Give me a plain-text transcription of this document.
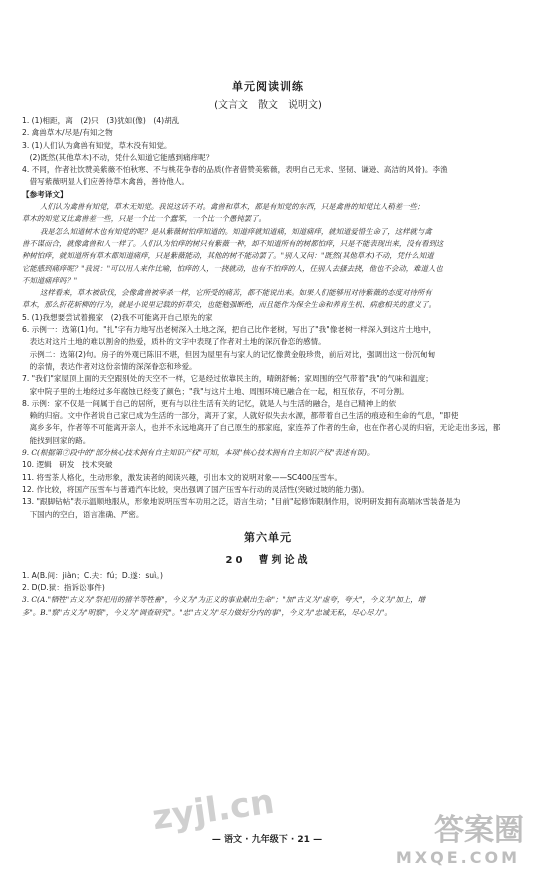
单元阅读训练
(文言文　散文　说明文)
1. (1)相距，离　(2)只　(3)犹如(像)　(4)胡乱
2. 禽兽草木/尽是/有知之物
3. (1)人们认为禽兽有知觉，草木没有知觉。
　(2)既然(其他草木)不动，凭什么知道它能感到痛痒呢？
4. 不同，作者社饮赞美紫薇不怕秋寒、不与桃花争春的品质(作者借赞美紫薇，表明自己无求、坚韧、谦逊、高洁的风骨)。李渔
　借写紫薇明显人们应善待草木禽兽，善待他人。
【参考译文】
人们认为禽兽有知觉，草木无知觉。我说这话不对。禽兽和草木，都是有知觉的东西，只是禽兽的知觉比人稍差一些；
草木的知觉又比禽兽差一些，只是一个比一个蠢笨，一个比一个愚钝罢了。
我是怎么知道树木也有知觉的呢？是从紫薇树怕痒知道的。知道痒就知道痛，知道痛痒，就知道爱惜生命了，这样就与禽
兽不谋而合，就像禽兽和人一样了。人们认为怕痒的树只有紫薇一种，却不知道所有的树都怕痒，只是不能表现出来，没有看到这
种树怕痒，就知道所有草木都知道痛痒，只是紫薇能动，其他的树不能动罢了。"别人又问："既然(其他草木)不动，凭什么知道
它能感到痛痒呢？"我说："可以用人来作比喻，怕痒的人，一挠就动，也有不怕痒的人，任别人去搔去挠，他也不会动，难道人也
不知道痛痒吗？"
这样看来，草木被砍伐，会像禽兽被宰杀一样，它所受的痛苦，都不能说出来。如果人们能够用对待紫薇的态度对待所有
草木，那么折花斩柳的行为，就是小说里记载的折草尖，也能勉强断绝，而且能作为保全生命和养育生机、病愈相关的意义了。
5. (1)我想要尝试着搬家　(2)我不可能离开自己原先的家
6. 示例一：选第(1)句。"扎"字有力地写出老树深入土地之深，把自己比作老树，写出了"我"像老树一样深入到这片土地中，
　表达对这片土地的难以割舍的热爱，质朴的文字中表现了作者对土地的深沉眷恋的感情。
　示例二：选第(2)句。房子的外观已陈旧不堪，但因为屋里有与家人的记忆像黄金般珍贵，前后对比，强调出这一份沉甸甸
　的亲情，表达作者对这份亲情的深深眷恋和珍爱。
7. "我们"家屋顶上面的天空跟别处的天空不一样，它是经过依靠民主的，晴朗舒畅；家周围的空气带着"我"的气味和温度；
　家中院子里的土地经过多年腐蚀已经变了颜色；"我"与这片土地、周围环境已融合在一起，相互依存，不可分割。
8. 示例：家不仅是一间属于自己的居所，更有与以往生活有关的记忆，就是人与生活的融合，是自己精神上的依
　赖的归宿。文中作者说自己家已成为生活的一部分，离开了家，人就好似失去水源，都带着自己生活的痕迹和生命的气息，"即使
　离乡多年，作者等不可能离开亲人，也并不永远地离开了自己原生的那家庭，家连养了作者的生命，也在作者心灵的归宿，无论走出多远，都
　能找到回家的路。
9. C(根据第⑦段中的"部分核心技术拥有自主知识产权"可知，本项"核心技术拥有自主知识产权"表述有误)。
10. 逻辑　研发　技术突破
11. 将雪茶人格化，生动形象，激发读者的阅读兴趣，引出本文的说明对象——SC400压雪车。
12. 作比较，将国产压雪车与普通汽车比较，突出强调了国产压雪车行动的灵活性(突破过坡的能力强)。
13. "跟脚钻帖"表示温顺地服从，形象地说明压雪车功用之泛，语言生动；"目前"起修饰限制作用，说明研发拥有高端冰雪装备是为
　下国内的空白，语言准确、严密。
第六单元
20　曹刿论战
1. A(B.间：jiàn；C.夫：fú；D.遂：suì。)
2. D(D.狱：指诉讼事件)
3. C(A."牺牲"古义为"祭祀用的猪羊等牲畜"，今义为"为正义的事业献出生命"；"加"古义为"虚夸，夸大"，今义为"加上，增
多"。B."察"古义为"明察"，今义为"调查研究"。"忠"古义为"尽力做好分内的事"，今义为"忠诚无私，尽心尽力"。
— 语文 · 九年级下 · 21 —
zyjl.cn	答案圈
MXQE.COM
